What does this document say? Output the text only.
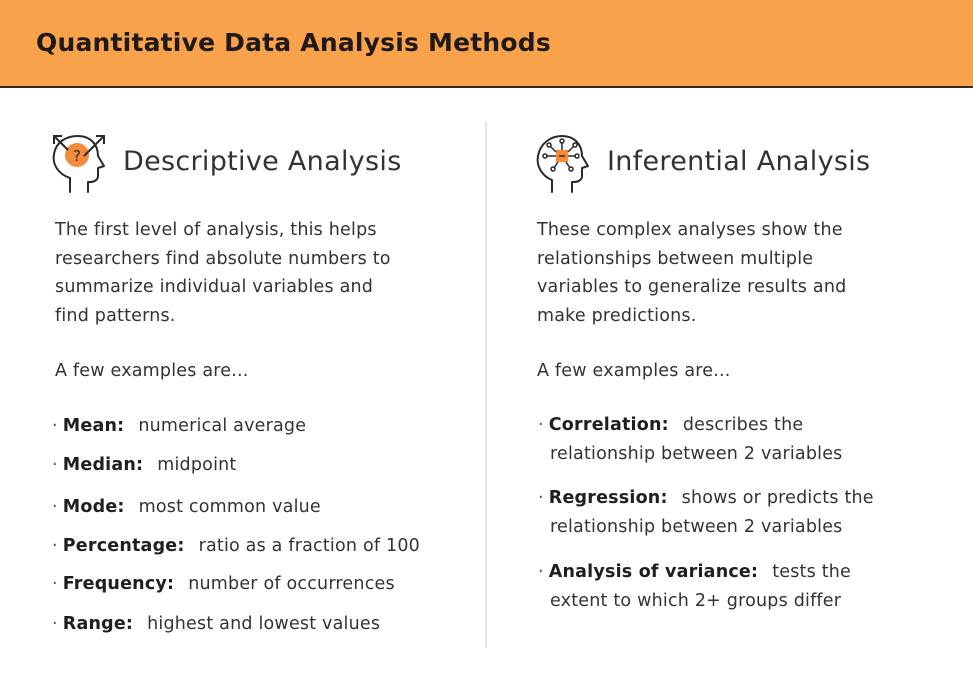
Quantitative Data Analysis Methods
? Descriptive Analysis
The first level of analysis, this helps
researchers find absolute numbers to
summarize individual variables and
find patterns.
A few examples are...
· Mean: numerical average
· Median: midpoint
· Mode: most common value
· Percentage: ratio as a fraction of 100
· Frequency: number of occurrences
· Range: highest and lowest values
Inferential Analysis
These complex analyses show the
relationships between multiple
variables to generalize results and
make predictions.
A few examples are...
· Correlation: describes the
relationship between 2 variables
· Regression: shows or predicts the
relationship between 2 variables
· Analysis of variance: tests the
extent to which 2+ groups differ
